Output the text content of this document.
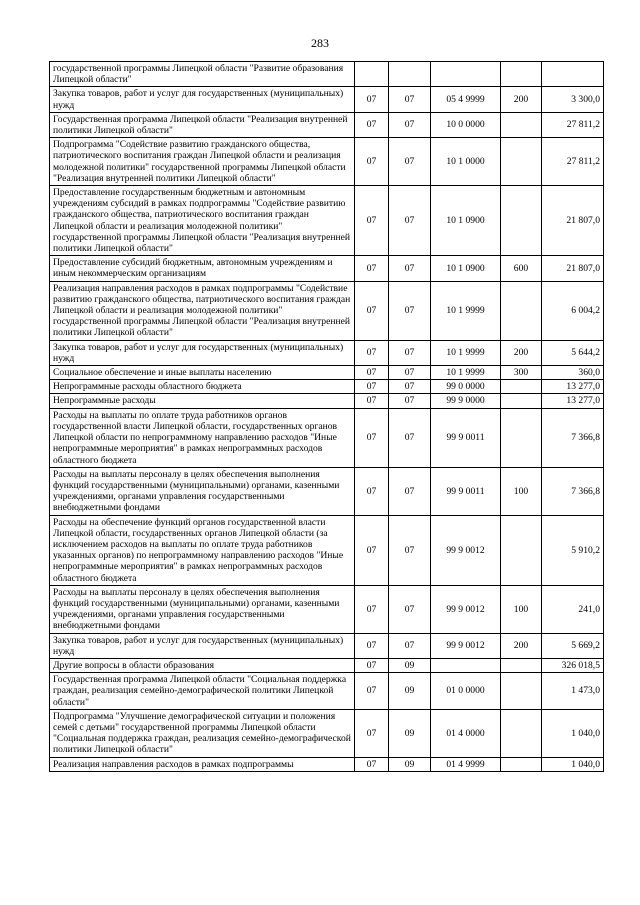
283
государственной программы Липецкой области "Развитие образования Липецкой области"					
Закупка товаров, работ и услуг для государственных (муниципальных) нужд	07	07	05 4 9999	200	3 300,0
Государственная программа Липецкой области "Реализация внутренней политики Липецкой области"	07	07	10 0 0000		27 811,2
Подпрограмма "Содействие развитию гражданского общества, патриотического воспитания граждан Липецкой области и реализация молодежной политики" государственной программы Липецкой области "Реализация внутренней политики Липецкой области"	07	07	10 1 0000		27 811,2
Предоставление государственным бюджетным и автономным учреждениям субсидий в рамках подпрограммы "Содействие развитию гражданского общества, патриотического воспитания граждан Липецкой области и реализация молодежной политики" государственной программы Липецкой области "Реализация внутренней политики Липецкой области"	07	07	10 1 0900		21 807,0
Предоставление субсидий бюджетным, автономным учреждениям и иным некоммерческим организациям	07	07	10 1 0900	600	21 807,0
Реализация направления расходов в рамках подпрограммы "Содействие развитию гражданского общества, патриотического воспитания граждан Липецкой области и реализация молодежной политики" государственной программы Липецкой области "Реализация внутренней политики Липецкой области"	07	07	10 1 9999		6 004,2
Закупка товаров, работ и услуг для государственных (муниципальных) нужд	07	07	10 1 9999	200	5 644,2
Социальное обеспечение и иные выплаты населению	07	07	10 1 9999	300	360,0
Непрограммные расходы областного бюджета	07	07	99 0 0000		13 277,0
Непрограммные расходы	07	07	99 9 0000		13 277,0
Расходы на выплаты по оплате труда работников органов государственной власти Липецкой области, государственных органов Липецкой области по непрограммному направлению расходов "Иные непрограммные мероприятия" в рамках непрограммных расходов областного бюджета	07	07	99 9 0011		7 366,8
Расходы на выплаты персоналу в целях обеспечения выполнения функций государственными (муниципальными) органами, казенными учреждениями, органами управления государственными внебюджетными фондами	07	07	99 9 0011	100	7 366,8
Расходы на обеспечение функций органов государственной власти Липецкой области, государственных органов Липецкой области (за исключением расходов на выплаты по оплате труда работников указанных органов) по непрограммному направлению расходов "Иные непрограммные мероприятия" в рамках непрограммных расходов областного бюджета	07	07	99 9 0012		5 910,2
Расходы на выплаты персоналу в целях обеспечения выполнения функций государственными (муниципальными) органами, казенными учреждениями, органами управления государственными внебюджетными фондами	07	07	99 9 0012	100	241,0
Закупка товаров, работ и услуг для государственных (муниципальных) нужд	07	07	99 9 0012	200	5 669,2
Другие вопросы в области образования	07	09			326 018,5
Государственная программа Липецкой области "Социальная поддержка граждан, реализация семейно-демографической политики Липецкой области"	07	09	01 0 0000		1 473,0
Подпрограмма "Улучшение демографической ситуации и положения семей с детьми" государственной программы Липецкой области "Социальная поддержка граждан, реализация семейно-демографической политики Липецкой области"	07	09	01 4 0000		1 040,0
Реализация направления расходов в рамках подпрограммы	07	09	01 4 9999		1 040,0
